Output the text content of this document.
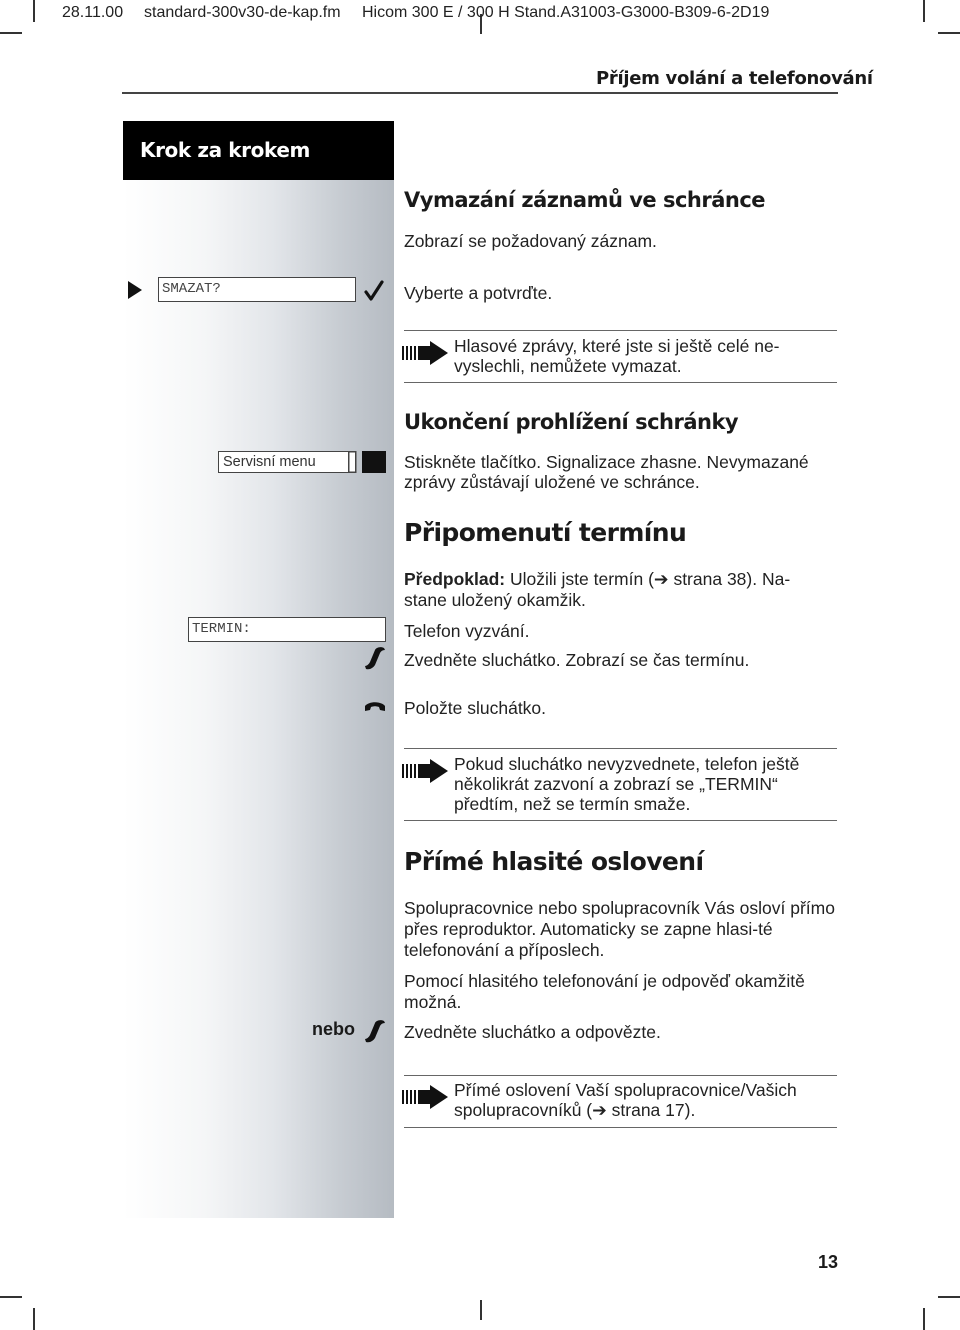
28.11.00 standard-300v30-de-kap.fm Hicom 300 E / 300 H Stand.A31003-G3000-B309-6-2D19
Příjem volání a telefonování
Krok za krokem
Vymazání záznamů ve schránce
Zobrazí se požadovaný záznam.
SMAZAT?	Vyberte a potvrďte.
Hlasové zprávy, které jste si ještě celé ne-vyslechli, nemůžete vymazat.
Ukončení prohlížení schránky
Servisní menu	Stiskněte tlačítko. Signalizace zhasne. Nevymazané zprávy zůstávají uložené ve schránce.
Připomenutí termínu
Předpoklad: Uložili jste termín (➔ strana 38). Na-stane uložený okamžik.
TERMIN:	Telefon vyzvání.
Zvedněte sluchátko. Zobrazí se čas termínu.
Položte sluchátko.
Pokud sluchátko nevyzvednete, telefon ještě několikrát zazvoní a zobrazí se „TERMIN“ předtím, než se termín smaže.
Přímé hlasité oslovení
Spolupracovnice nebo spolupracovník Vás osloví přímo přes reproduktor. Automaticky se zapne hlasi-té telefonování a příposlech.
Pomocí hlasitého telefonování je odpověď okamžitě možná.
nebo	Zvedněte sluchátko a odpovězte.
Přímé oslovení Vaší spolupracovnice/Vašich spolupracovníků (➔ strana 17).
13
